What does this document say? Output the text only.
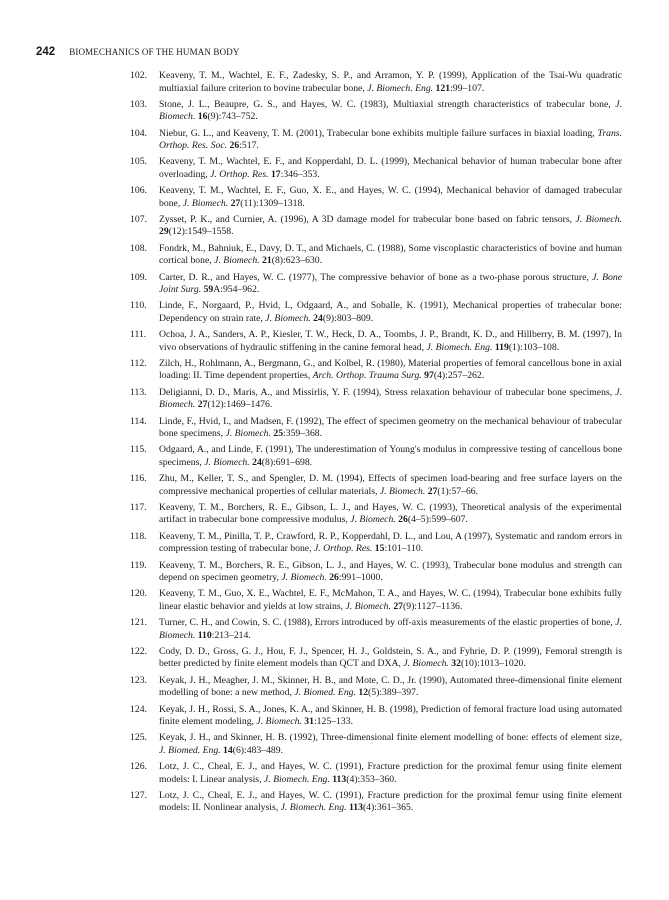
242 BIOMECHANICS OF THE HUMAN BODY
102. Keaveny, T. M., Wachtel, E. F., Zadesky, S. P., and Arramon, Y. P. (1999), Application of the Tsai-Wu quadratic multiaxial failure criterion to bovine trabecular bone, J. Biomech. Eng. 121:99–107.
103. Stone, J. L., Beaupre, G. S., and Hayes, W. C. (1983), Multiaxial strength characteristics of trabecular bone, J. Biomech. 16(9):743–752.
104. Niebur, G. L., and Keaveny, T. M. (2001), Trabecular bone exhibits multiple failure surfaces in biaxial loading, Trans. Orthop. Res. Soc. 26:517.
105. Keaveny, T. M., Wachtel, E. F., and Kopperdahl, D. L. (1999), Mechanical behavior of human trabecular bone after overloading, J. Orthop. Res. 17:346–353.
106. Keaveny, T. M., Wachtel, E. F., Guo, X. E., and Hayes, W. C. (1994), Mechanical behavior of damaged trabecular bone, J. Biomech. 27(11):1309–1318.
107. Zysset, P. K., and Curnier, A. (1996), A 3D damage model for trabecular bone based on fabric tensors, J. Biomech. 29(12):1549–1558.
108. Fondrk, M., Bahniuk, E., Davy, D. T., and Michaels, C. (1988), Some viscoplastic characteristics of bovine and human cortical bone, J. Biomech. 21(8):623–630.
109. Carter, D. R., and Hayes, W. C. (1977), The compressive behavior of bone as a two-phase porous structure, J. Bone Joint Surg. 59A:954–962.
110. Linde, F., Norgaard, P., Hvid, I., Odgaard, A., and Soballe, K. (1991), Mechanical properties of trabecular bone: Dependency on strain rate, J. Biomech. 24(9):803–809.
111. Ochoa, J. A., Sanders, A. P., Kiesler, T. W., Heck, D. A., Toombs, J. P., Brandt, K. D., and Hillberry, B. M. (1997), In vivo observations of hydraulic stiffening in the canine femoral head, J. Biomech. Eng. 119(1):103–108.
112. Zilch, H., Rohlmann, A., Bergmann, G., and Kolbel, R. (1980), Material properties of femoral cancellous bone in axial loading: II. Time dependent properties, Arch. Orthop. Trauma Surg. 97(4):257–262.
113. Deligianni, D. D., Maris, A., and Missirlis, Y. F. (1994), Stress relaxation behaviour of trabecular bone specimens, J. Biomech. 27(12):1469–1476.
114. Linde, F., Hvid, I., and Madsen, F. (1992), The effect of specimen geometry on the mechanical behaviour of trabecular bone specimens, J. Biomech. 25:359–368.
115. Odgaard, A., and Linde, F. (1991), The underestimation of Young's modulus in compressive testing of cancellous bone specimens, J. Biomech. 24(8):691–698.
116. Zhu, M., Keller, T. S., and Spengler, D. M. (1994), Effects of specimen load-bearing and free surface layers on the compressive mechanical properties of cellular materials, J. Biomech. 27(1):57–66.
117. Keaveny, T. M., Borchers, R. E., Gibson, L. J., and Hayes, W. C. (1993), Theoretical analysis of the experimental artifact in trabecular bone compressive modulus, J. Biomech. 26(4–5):599–607.
118. Keaveny, T. M., Pinilla, T. P., Crawford, R. P., Kopperdahl, D. L., and Lou, A (1997), Systematic and random errors in compression testing of trabecular bone, J. Orthop. Res. 15:101–110.
119. Keaveny, T. M., Borchers, R. E., Gibson, L. J., and Hayes, W. C. (1993), Trabecular bone modulus and strength can depend on specimen geometry, J. Biomech. 26:991–1000.
120. Keaveny, T. M., Guo, X. E., Wachtel, E. F., McMahon, T. A., and Hayes, W. C. (1994), Trabecular bone exhibits fully linear elastic behavior and yields at low strains, J. Biomech. 27(9):1127–1136.
121. Turner, C. H., and Cowin, S. C. (1988), Errors introduced by off-axis measurements of the elastic properties of bone, J. Biomech. 110:213–214.
122. Cody, D. D., Gross, G. J., Hou, F. J., Spencer, H. J., Goldstein, S. A., and Fyhrie, D. P. (1999), Femoral strength is better predicted by finite element models than QCT and DXA, J. Biomech. 32(10):1013–1020.
123. Keyak, J. H., Meagher, J. M., Skinner, H. B., and Mote, C. D., Jr. (1990), Automated three-dimensional finite element modelling of bone: a new method, J. Biomed. Eng. 12(5):389–397.
124. Keyak, J. H., Rossi, S. A., Jones, K. A., and Skinner, H. B. (1998), Prediction of femoral fracture load using automated finite element modeling, J. Biomech. 31:125–133.
125. Keyak, J. H., and Skinner, H. B. (1992), Three-dimensional finite element modelling of bone: effects of element size, J. Biomed. Eng. 14(6):483–489.
126. Lotz, J. C., Cheal, E. J., and Hayes, W. C. (1991), Fracture prediction for the proximal femur using finite element models: I. Linear analysis, J. Biomech. Eng. 113(4):353–360.
127. Lotz, J. C., Cheal, E. J., and Hayes, W. C. (1991), Fracture prediction for the proximal femur using finite element models: II. Nonlinear analysis, J. Biomech. Eng. 113(4):361–365.
